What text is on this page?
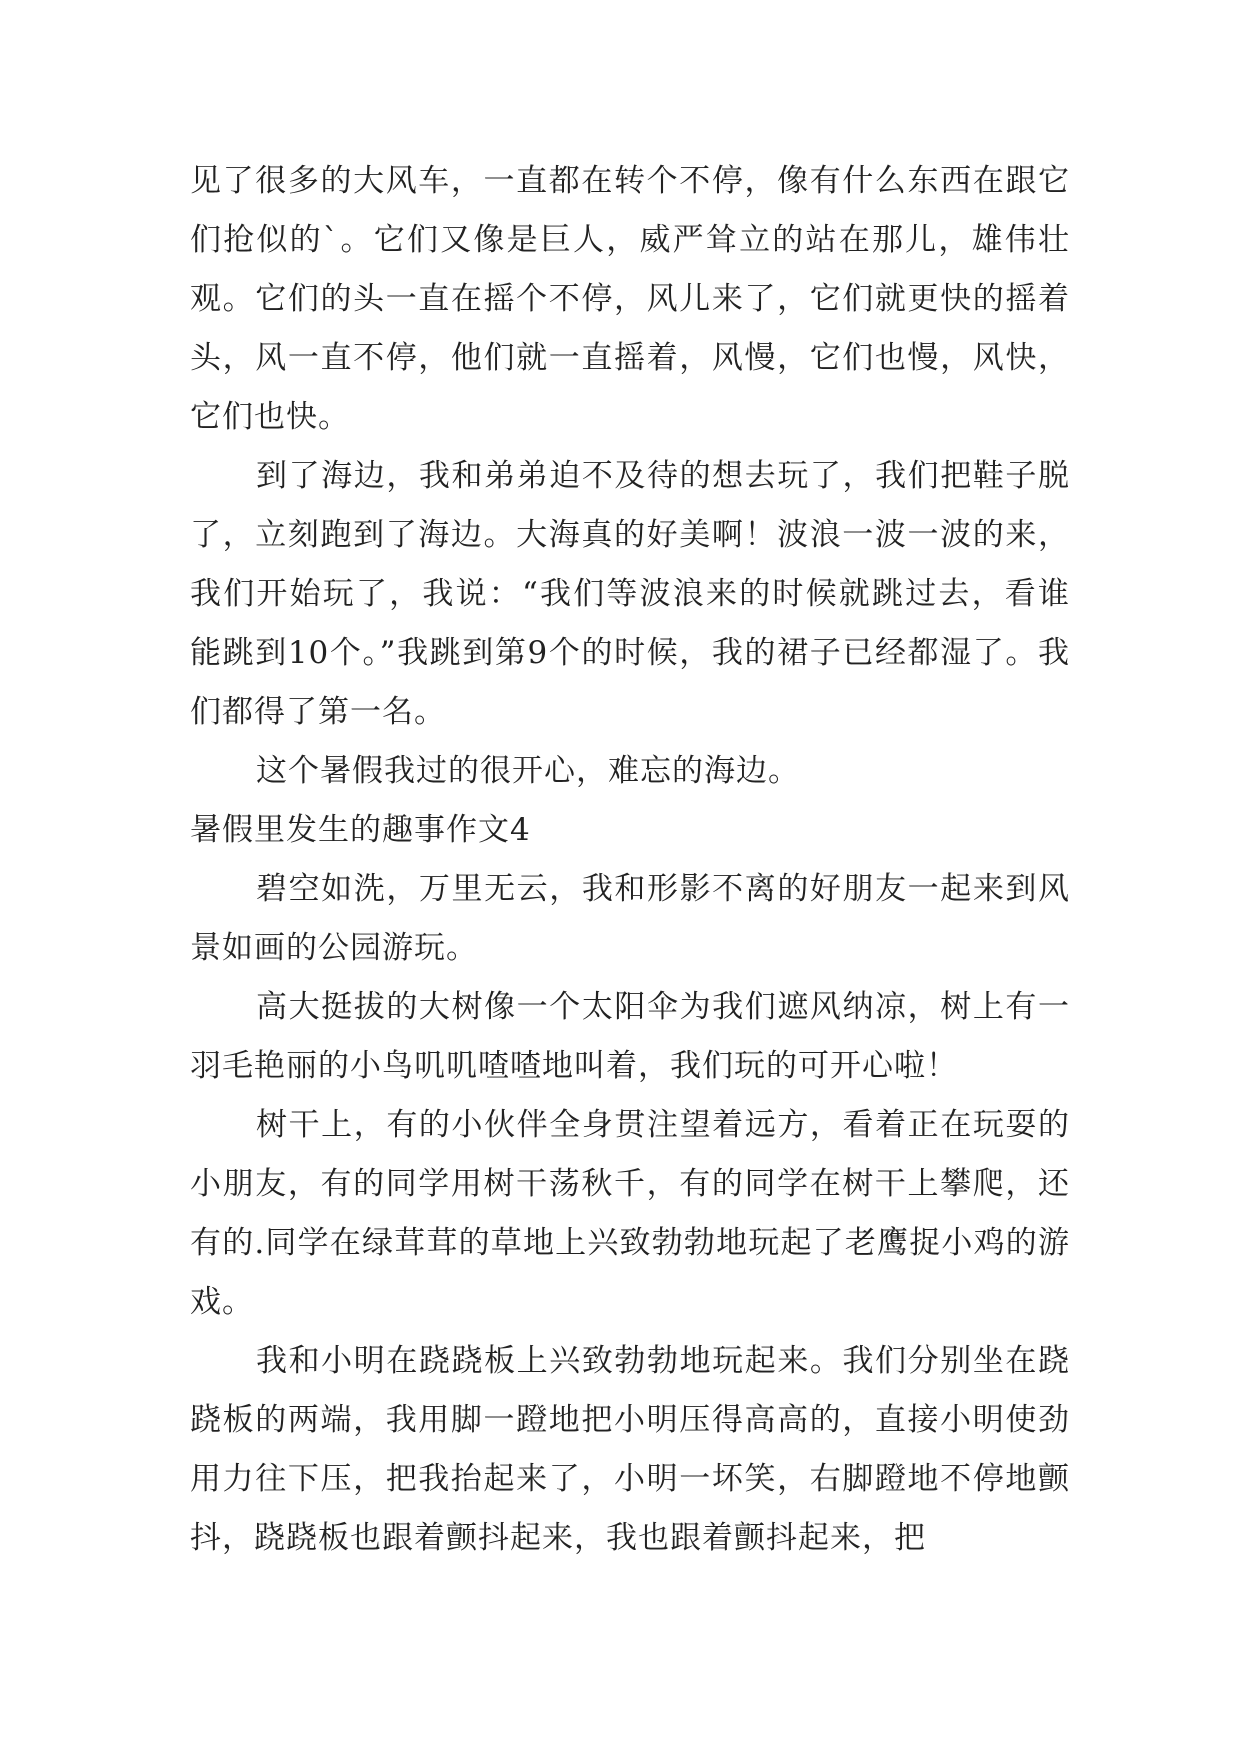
见了很多的大风车，一直都在转个不停，像有什么东西在跟它们抢似的`。它们又像是巨人，威严耸立的站在那儿，雄伟壮观。它们的头一直在摇个不停，风儿来了，它们就更快的摇着头，风一直不停，他们就一直摇着，风慢，它们也慢，风快，它们也快。

到了海边，我和弟弟迫不及待的想去玩了，我们把鞋子脱了，立刻跑到了海边。大海真的好美啊！波浪一波一波的来，我们开始玩了，我说：“我们等波浪来的时候就跳过去，看谁能跳到10个。”我跳到第9个的时候，我的裙子已经都湿了。我们都得了第一名。

这个暑假我过的很开心，难忘的海边。

暑假里发生的趣事作文4

碧空如洗，万里无云，我和形影不离的好朋友一起来到风景如画的公园游玩。

高大挺拔的大树像一个太阳伞为我们遮风纳凉，树上有一羽毛艳丽的小鸟叽叽喳喳地叫着，我们玩的可开心啦！

树干上，有的小伙伴全身贯注望着远方，看着正在玩耍的小朋友，有的同学用树干荡秋千，有的同学在树干上攀爬，还有的.同学在绿茸茸的草地上兴致勃勃地玩起了老鹰捉小鸡的游戏。

我和小明在跷跷板上兴致勃勃地玩起来。我们分别坐在跷跷板的两端，我用脚一蹬地把小明压得高高的，直接小明使劲用力往下压，把我抬起来了，小明一坏笑，右脚蹬地不停地颤抖，跷跷板也跟着颤抖起来，我也跟着颤抖起来，把
